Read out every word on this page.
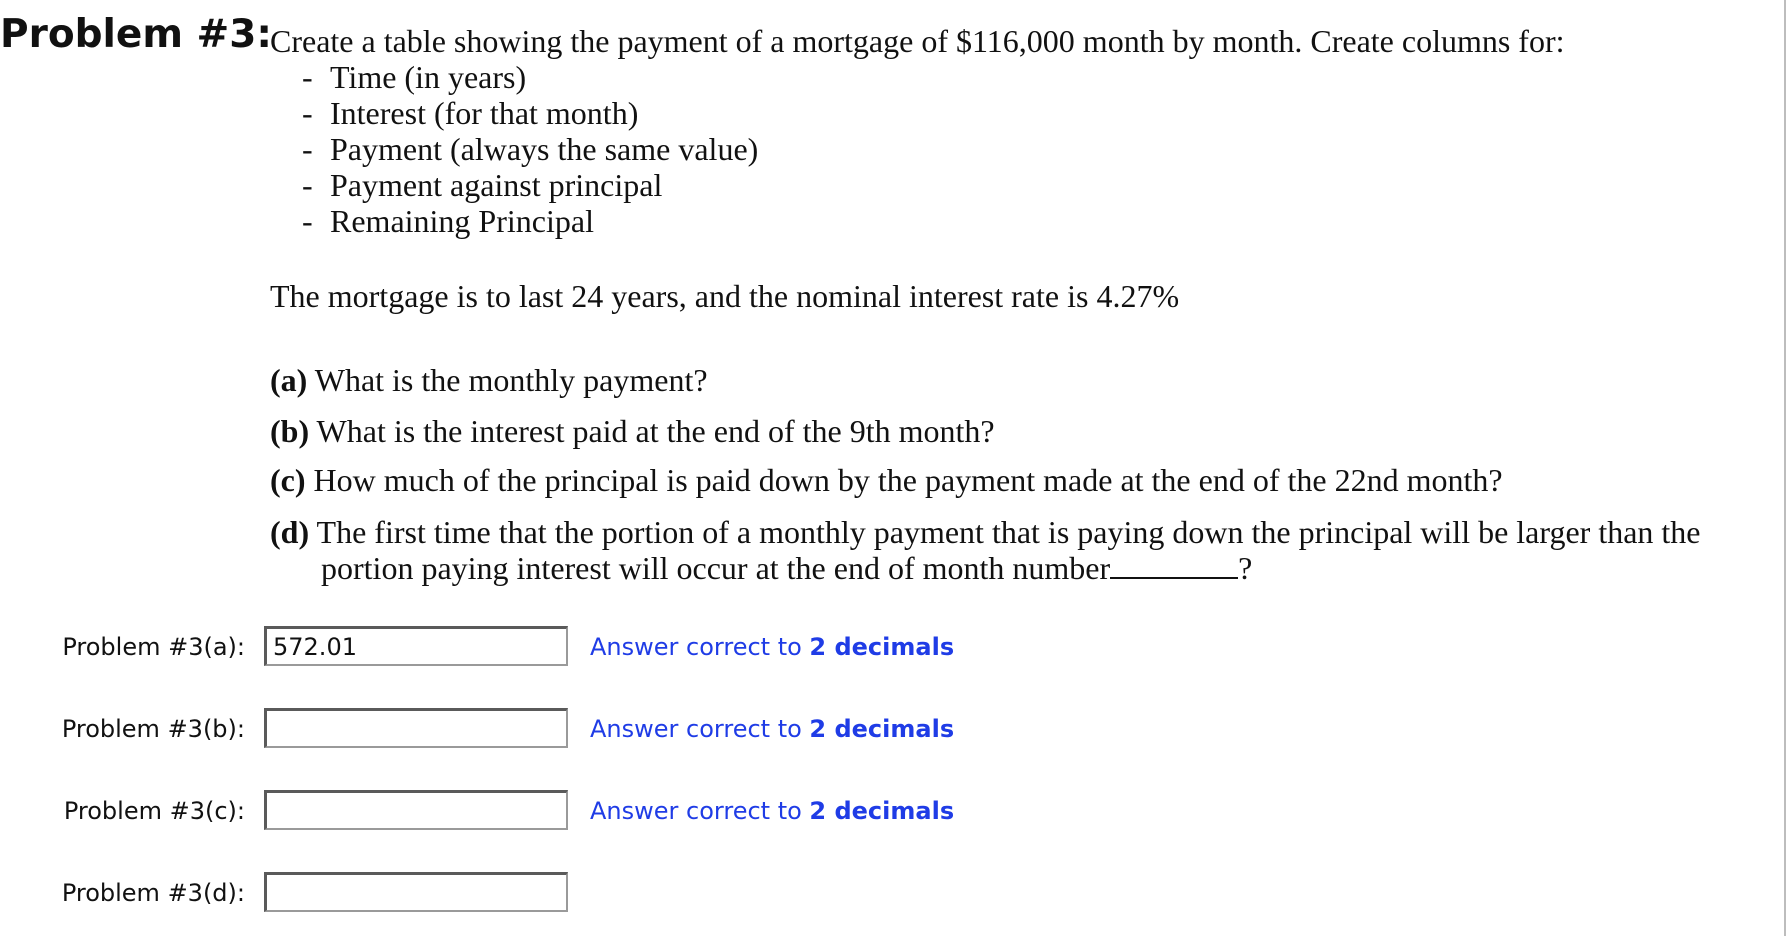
Problem #3:
Create a table showing the payment of a mortgage of $116,000 month by month. Create columns for:
- Time (in years)
- Interest (for that month)
- Payment (always the same value)
- Payment against principal
- Remaining Principal
The mortgage is to last 24 years, and the nominal interest rate is 4.27%
(a) What is the monthly payment?
(b) What is the interest paid at the end of the 9th month?
(c) How much of the principal is paid down by the payment made at the end of the 22nd month?
(d) The first time that the portion of a monthly payment that is paying down the principal will be larger than the
portion paying interest will occur at the end of month number	?
Problem #3(a):
572.01	Answer correct to 2 decimals
Problem #3(b):	Answer correct to 2 decimals
Problem #3(c):	Answer correct to 2 decimals
Problem #3(d):
